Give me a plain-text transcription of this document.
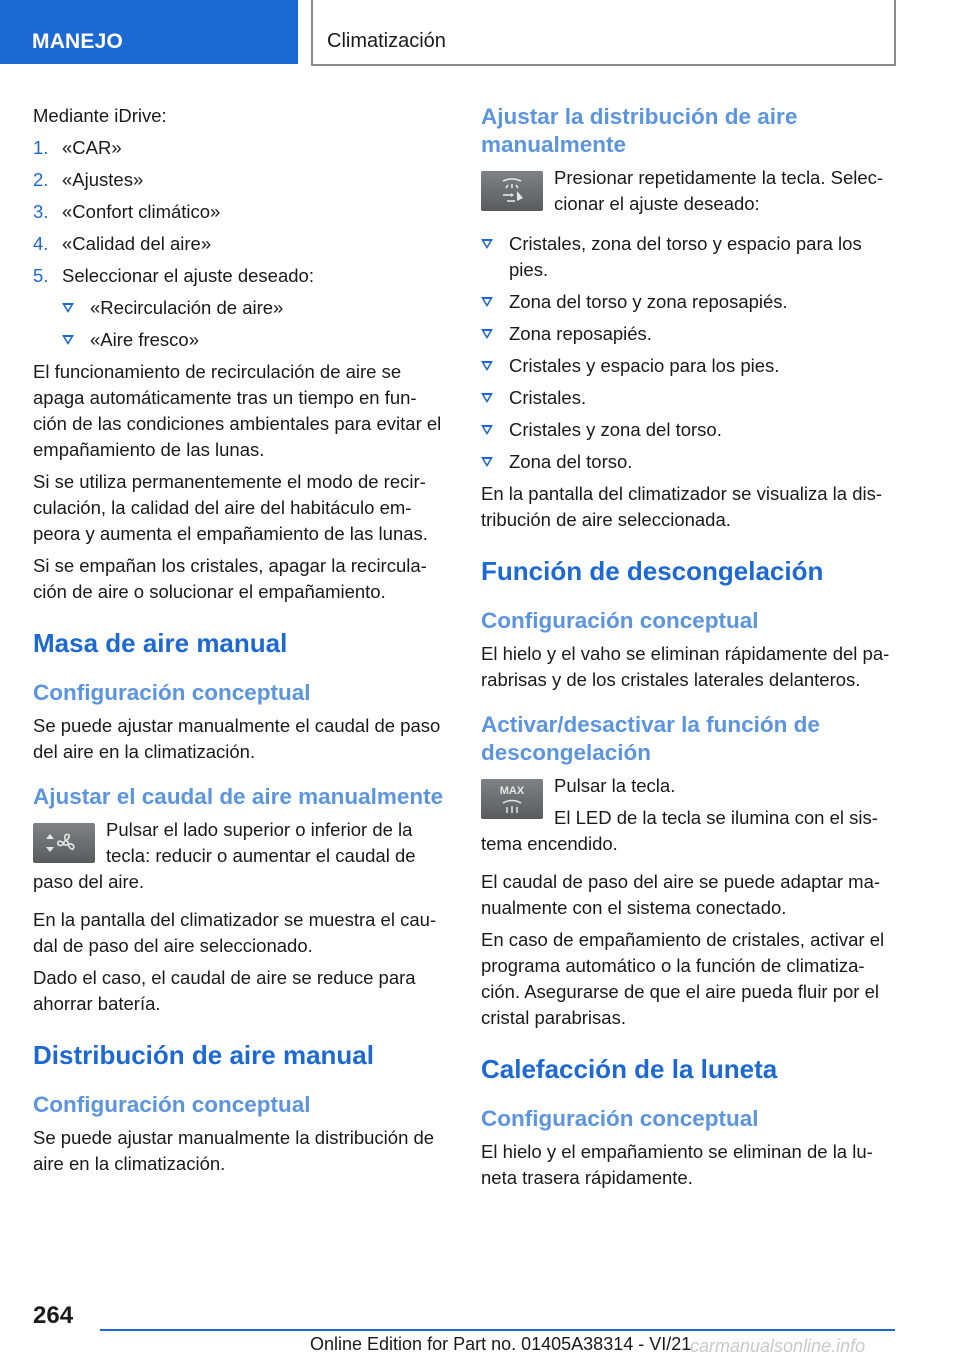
MANEJO	Climatización

Mediante iDrive:

1. «CAR»
2. «Ajustes»
3. «Confort climático»
4. «Calidad del aire»
5. Seleccionar el ajuste deseado:
«Recirculación de aire»
«Aire fresco»

El funcionamiento de recirculación de aire se apaga automáticamente tras un tiempo en fun-ción de las condiciones ambientales para evitar el empañamiento de las lunas.

Si se utiliza permanentemente el modo de recir-culación, la calidad del aire del habitáculo em-peora y aumenta el empañamiento de las lunas.

Si se empañan los cristales, apagar la recircula-ción de aire o solucionar el empañamiento.

Masa de aire manual
Configuración conceptual

Se puede ajustar manualmente el caudal de paso del aire en la climatización.

Ajustar el caudal de aire manualmente

Pulsar el lado superior o inferior de la tecla: reducir o aumentar el caudal de paso del aire.

En la pantalla del climatizador se muestra el cau-dal de paso del aire seleccionado.

Dado el caso, el caudal de aire se reduce para ahorrar batería.

Distribución de aire manual
Configuración conceptual

Se puede ajustar manualmente la distribución de aire en la climatización.

Ajustar la distribución de aire manualmente

Presionar repetidamente la tecla. Selec-cionar el ajuste deseado:

Cristales, zona del torso y espacio para los pies.
Zona del torso y zona reposapiés.
Zona reposapiés.
Cristales y espacio para los pies.
Cristales.
Cristales y zona del torso.
Zona del torso.

En la pantalla del climatizador se visualiza la dis-tribución de aire seleccionada.

Función de descongelación
Configuración conceptual

El hielo y el vaho se eliminan rápidamente del pa-rabrisas y de los cristales laterales delanteros.

Activar/desactivar la función de descongelación
MAX	Pulsar la tecla.

El LED de la tecla se ilumina con el sis-tema encendido.

El caudal de paso del aire se puede adaptar ma-nualmente con el sistema conectado.

En caso de empañamiento de cristales, activar el programa automático o la función de climatiza-ción. Asegurarse de que el aire pueda fluir por el cristal parabrisas.

Calefacción de la luneta
Configuración conceptual

El hielo y el empañamiento se eliminan de la lu-neta trasera rápidamente.

264
Online Edition for Part no. 01405A38314 - VI/21
carmanualsonline.info
